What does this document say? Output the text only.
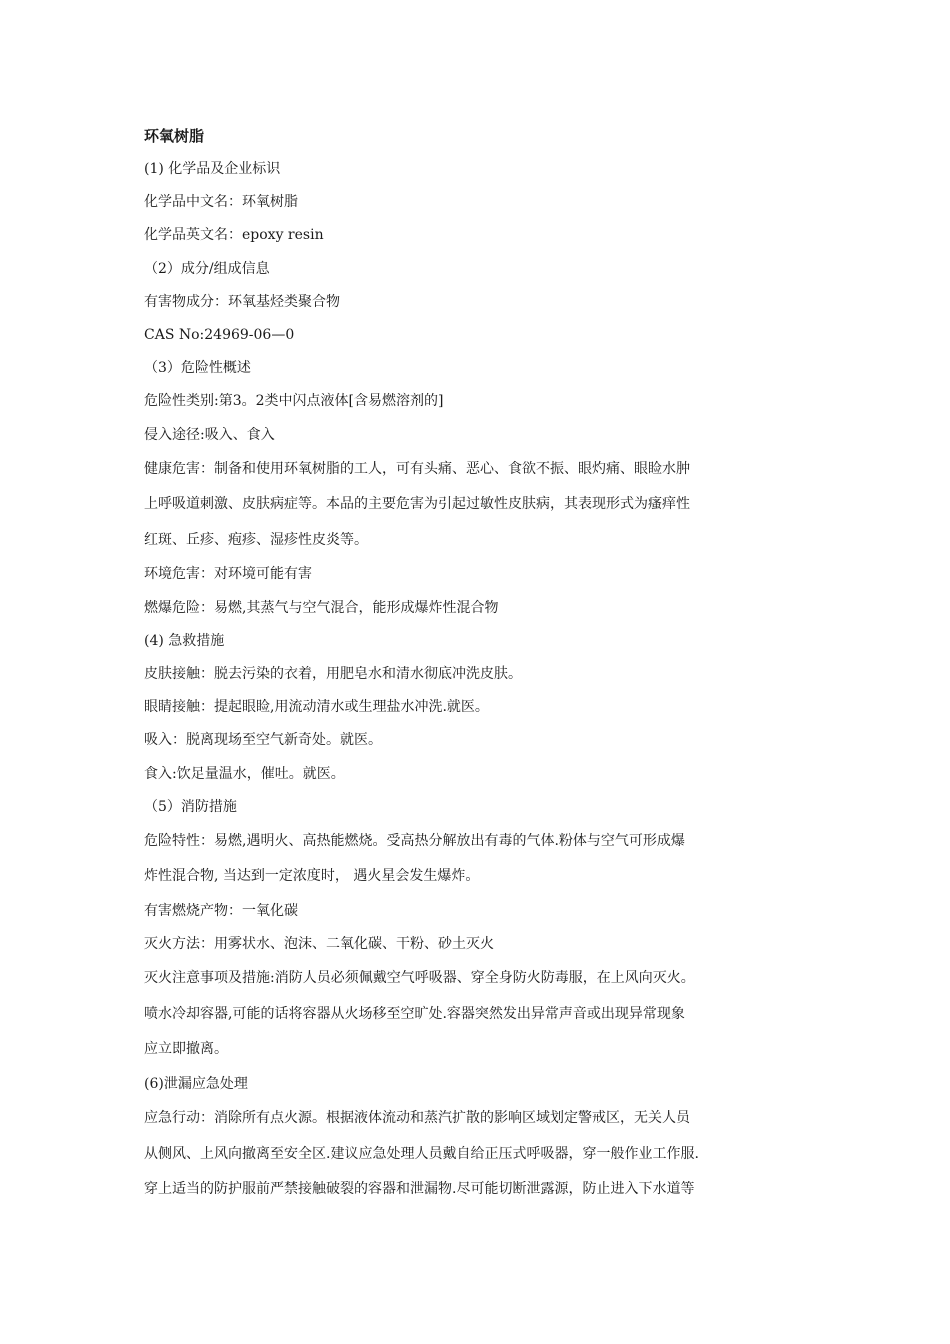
环氧树脂

(1) 化学品及企业标识

化学品中文名：环氧树脂

化学品英文名：epoxy resin

（2）成分/组成信息

有害物成分：环氧基烃类聚合物

CAS No:24969-06—0

（3）危险性概述

危险性类别:第3。2类中闪点液体[含易燃溶剂的]

侵入途径:吸入、食入

健康危害：制备和使用环氧树脂的工人，可有头痛、恶心、食欲不振、眼灼痛、眼睑水肿
上呼吸道刺激、皮肤病症等。本品的主要危害为引起过敏性皮肤病，其表现形式为瘙痒性
红斑、丘疹、疱疹、湿疹性皮炎等。

环境危害：对环境可能有害

燃爆危险：易燃,其蒸气与空气混合，能形成爆炸性混合物

(4) 急救措施

皮肤接触：脱去污染的衣着，用肥皂水和清水彻底冲洗皮肤。

眼睛接触：提起眼睑,用流动清水或生理盐水冲洗.就医。

吸入：脱离现场至空气新奇处。就医。

食入:饮足量温水，催吐。就医。

（5）消防措施

危险特性：易燃,遇明火、高热能燃烧。受高热分解放出有毒的气体.粉体与空气可形成爆
炸性混合物, 当达到一定浓度时， 遇火星会发生爆炸。

有害燃烧产物：一氧化碳

灭火方法：用雾状水、泡沫、二氧化碳、干粉、砂土灭火

灭火注意事项及措施:消防人员必须佩戴空气呼吸器、穿全身防火防毒服，在上风向灭火。
喷水冷却容器,可能的话将容器从火场移至空旷处.容器突然发出异常声音或出现异常现象
应立即撤离。

(6)泄漏应急处理

应急行动：消除所有点火源。根据液体流动和蒸汽扩散的影响区域划定警戒区，无关人员
从侧风、上风向撤离至安全区.建议应急处理人员戴自给正压式呼吸器，穿一般作业工作服.
穿上适当的防护服前严禁接触破裂的容器和泄漏物.尽可能切断泄露源，防止进入下水道等
